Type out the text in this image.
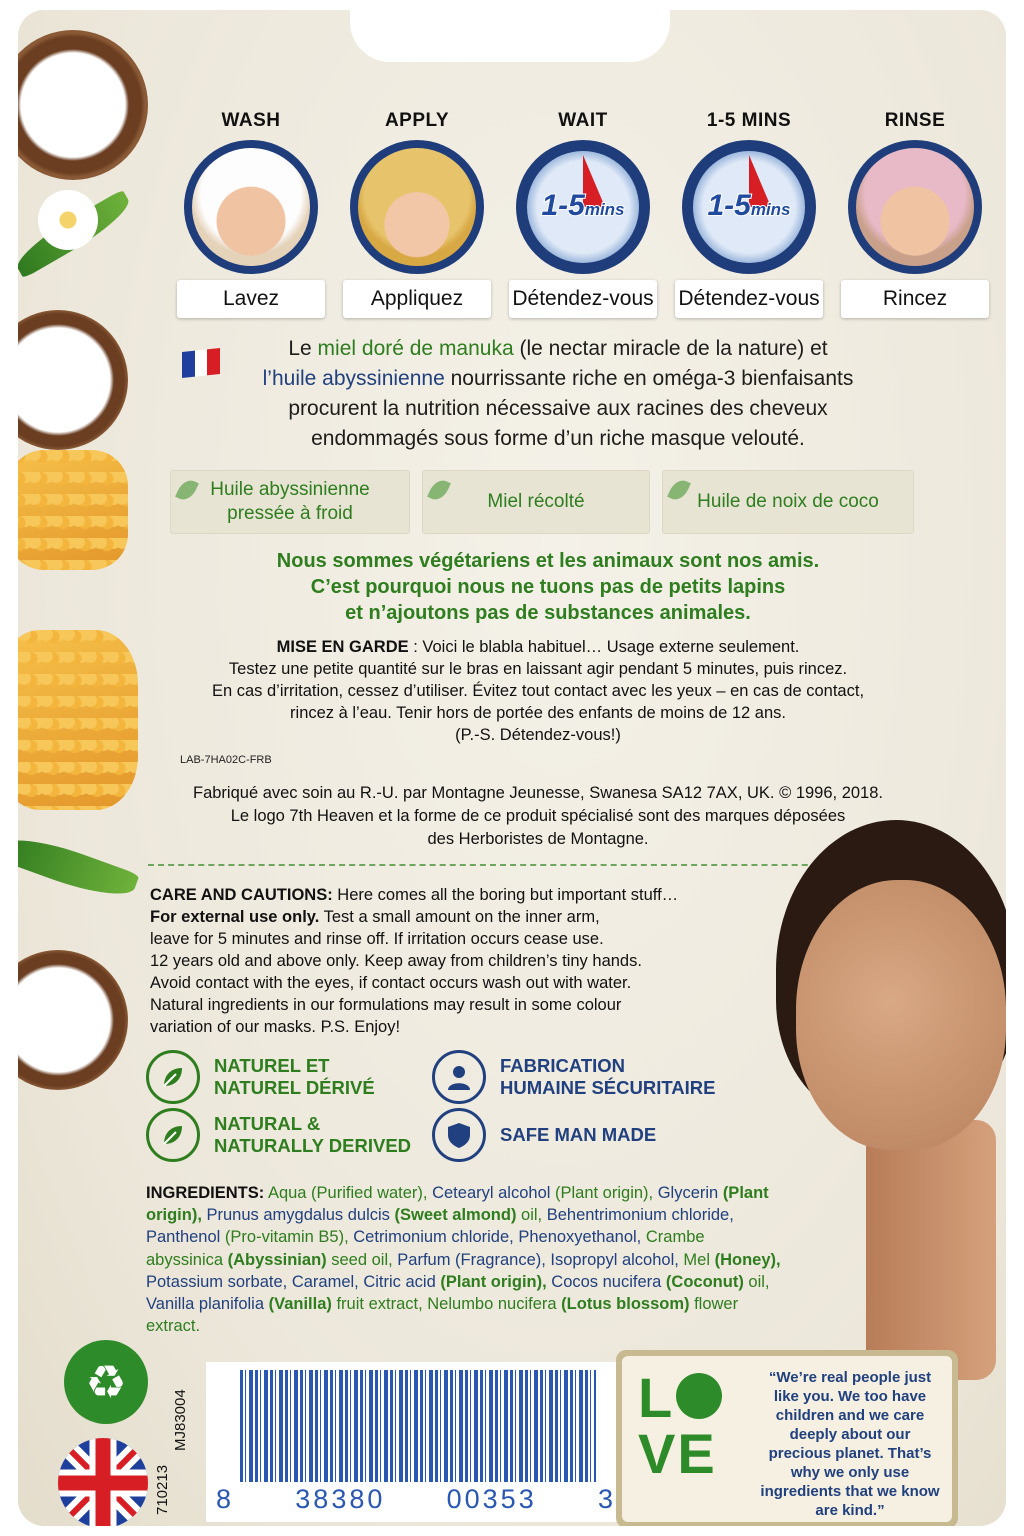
WASH
Lavez
APPLY
Appliquez
WAIT
1-5mins
Détendez-vous
1-5 MINS
1-5mins
Détendez-vous
RINSE
Rincez
Le miel doré de manuka (le nectar miracle de la nature) et
l’huile abyssinienne nourrissante riche en oméga-3 bienfaisants
procurent la nutrition nécessaive aux racines des cheveux
endommagés sous forme d’un riche masque velouté.
Huile abyssinienne
pressée à froid
Miel récolté	Huile de noix de coco
Nous sommes végétariens et les animaux sont nos amis.
C’est pourquoi nous ne tuons pas de petits lapins
et n’ajoutons pas de substances animales.
MISE EN GARDE : Voici le blabla habituel… Usage externe seulement.
Testez une petite quantité sur le bras en laissant agir pendant 5 minutes, puis rincez.
En cas d’irritation, cessez d’utiliser. Évitez tout contact avec les yeux – en cas de contact,
rincez à l’eau. Tenir hors de portée des enfants de moins de 12 ans.
(P.-S. Détendez-vous!)
LAB-7HA02C-FRB
Fabriqué avec soin au R.-U. par Montagne Jeunesse, Swanesa SA12 7AX, UK. © 1996, 2018.
Le logo 7th Heaven et la forme de ce produit spécialisé sont des marques déposées
des Herboristes de Montagne.
CARE AND CAUTIONS: Here comes all the boring but important stuff…
For external use only. Test a small amount on the inner arm,
leave for 5 minutes and rinse off. If irritation occurs cease use.
12 years old and above only. Keep away from children’s tiny hands.
Avoid contact with the eyes, if contact occurs wash out with water.
Natural ingredients in our formulations may result in some colour
variation of our masks. P.S. Enjoy!
NATUREL ET
NATUREL DÉRIVÉ
FABRICATION
HUMAINE SÉCURITAIRE
NATURAL &
NATURALLY DERIVED
SAFE MAN MADE
INGREDIENTS: Aqua (Purified water), Cetearyl alcohol (Plant origin), Glycerin (Plant origin), Prunus amygdalus dulcis (Sweet almond) oil, Behentrimonium chloride, Panthenol (Pro-vitamin B5), Cetrimonium chloride, Phenoxyethanol, Crambe abyssinica (Abyssinian) seed oil, Parfum (Fragrance), Isopropyl alcohol, Mel (Honey), Potassium sorbate, Caramel, Citric acid (Plant origin), Cocos nucifera (Coconut) oil, Vanilla planifolia (Vanilla) fruit extract, Nelumbo nucifera (Lotus blossom) flower extract.
♻
710213
MJ83004
8 38380 00353 3
L
VE
“We’re real people just like you. We too have children and we care deeply about our precious planet. That’s why we only use ingredients that we know are kind.”
